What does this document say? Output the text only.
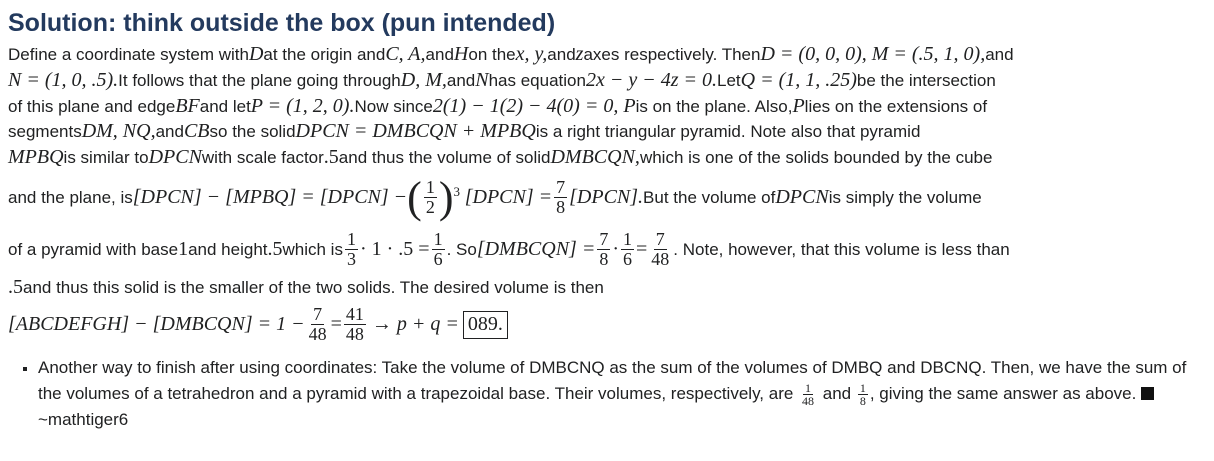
Solution: think outside the box (pun intended)
Define a coordinate system with D at the origin and C, A, and H on the x, y, and z axes respectively. Then D = (0, 0, 0), M = (.5, 1, 0), and
N = (1, 0, .5). It follows that the plane going through D, M, and N has equation 2x − y − 4z = 0. Let Q = (1, 1, .25) be the intersection
of this plane and edge BF and let P = (1, 2, 0). Now since 2(1) − 1(2) − 4(0) = 0, P is on the plane. Also, P lies on the extensions of
segments DM, NQ, and CB so the solid DPCN = DMBCQN + MPBQ is a right triangular pyramid. Note also that pyramid
MPBQ is similar to DPCN with scale factor .5 and thus the volume of solid DMBCQN, which is one of the solids bounded by the cube
and the plane, is [DPCN] − [MPBQ] = [DPCN] − ( $\frac{1}{2}$ ) 3
[DPCN] = $\frac{7}{8}$ [DPCN]. But the volume of DPCN is simply the volume
of a pyramid with base 1 and height .5 which is $\frac{1}{3} \cdot 1 \cdot .5 = \frac{1}{6}$ . So [DMBCQN] = $\frac{7}{8} \cdot \frac{1}{6} = \frac{7}{48}$ . Note, however, that this volume is less than
.5 and thus this solid is the smaller of the two solids. The desired volume is then
[ABCDEFGH] − [DMBCQN] = $1 - \frac{7}{48} = \frac{41}{48} \to p + q = 089$.
▪ Another way to finish after using coordinates: Take the volume of DMBCNQ as the sum of the volumes of DMBQ and DBCNQ. Then, we have the sum of the volumes of a tetrahedron and a pyramid with a trapezoidal base. Their volumes, respectively, are $\frac{1}{48}$ and $\frac{1}{8}$ , giving the same answer as above. ~mathtiger6
